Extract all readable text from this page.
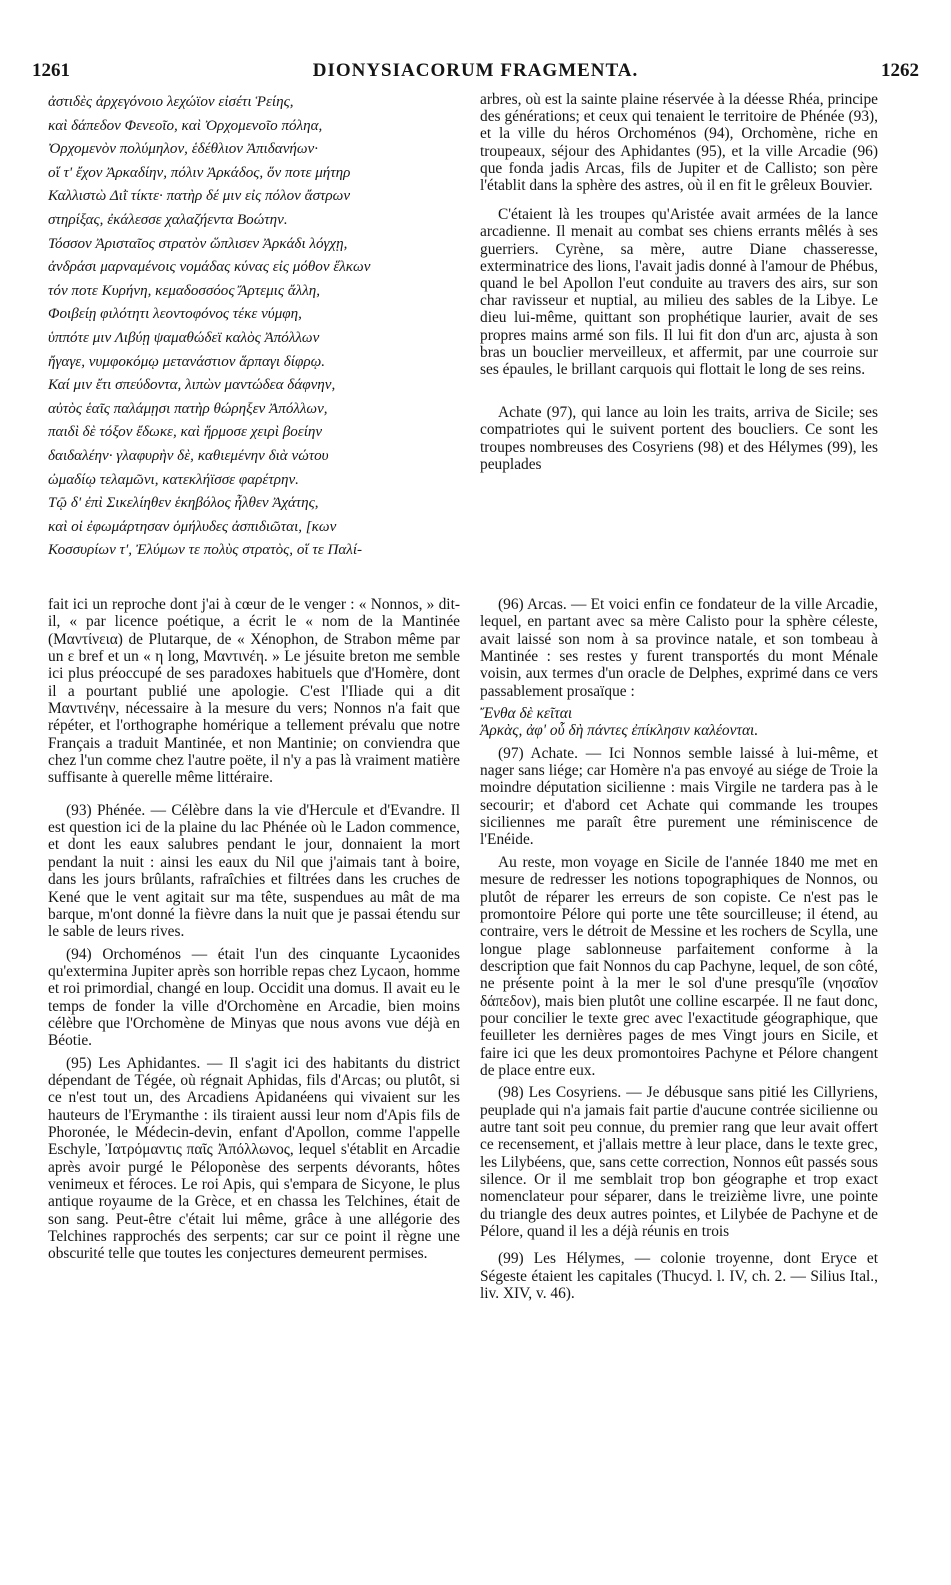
1261	DIONYSIACORUM FRAGMENTA.	1262

ἀστιδὲς ἀρχεγόνοιο λεχώϊον εἰσέτι Ῥείης,

καὶ δάπεδον Φενεοῖο, καὶ Ὀρχομενοῖο πόληα,

Ὀρχομενὸν πολύμηλον, ἑδέθλιον Ἀπιδανήων·

οἵ τ' ἔχον Ἀρκαδίην, πόλιν Ἀρκάδος, ὅν ποτε μήτηρ

Καλλιστὼ Διῒ τίκτε· πατὴρ δέ μιν εἰς πόλον ἄστρων

στηρίξας, ἐκάλεσσε χαλαζήεντα Βοώτην.

Τόσσον Ἀρισταῖος στρατὸν ὥπλισεν Ἀρκάδι λόγχῃ,

ἀνδράσι μαρναμένοις νομάδας κύνας εἰς μόθον ἕλκων

τόν ποτε Κυρήνη, κεμαδοσσόος Ἄρτεμις ἄλλη,

Φοιβείῃ φιλότητι λεοντοφόνος τέκε νύμφη,

ὑππότε μιν Λιβύῃ ψαμαθώδεϊ καλὸς Ἀπόλλων

ἤγαγε, νυμφοκόμῳ μετανάστιον ἅρπαγι δίφρῳ.

Καί μιν ἔτι σπεύδοντα, λιπὼν μαντώδεα δάφνην,

αὐτὸς ἑαῖς παλάμῃσι πατὴρ θώρηξεν Ἀπόλλων,

παιδὶ δὲ τόξον ἔδωκε, καὶ ἥρμοσε χειρὶ βοείην

δαιδαλέην· γλαφυρὴν δὲ, καθιεμένην διὰ νώτου

ὠμαδίῳ τελαμῶνι, κατεκλήϊσσε φαρέτρην.

Τῷ δ' ἐπὶ Σικελίηθεν ἑκηβόλος ἦλθεν Ἀχάτης,

καὶ οἱ ἐφωμάρτησαν ὁμήλυδες ἀσπιδιῶται, [κων

Κοσσυρίων τ', Ἐλύμων τε πολὺς στρατὸς, οἵ τε Παλί-

arbres, où est la sainte plaine réservée à la déesse Rhéa, principe des générations; et ceux qui tenaient le territoire de Phénée (93), et la ville du héros Orchoménos (94), Orchomène, riche en troupeaux, séjour des Aphidantes (95), et la ville Arcadie (96) que fonda jadis Arcas, fils de Jupiter et de Callisto; son père l'établit dans la sphère des astres, où il en fit le grêleux Bouvier.

C'étaient là les troupes qu'Aristée avait armées de la lance arcadienne. Il menait au combat ses chiens errants mêlés à ses guerriers. Cyrène, sa mère, autre Diane chasseresse, exterminatrice des lions, l'avait jadis donné à l'amour de Phébus, quand le bel Apollon l'eut conduite au travers des airs, sur son char ravisseur et nuptial, au milieu des sables de la Libye. Le dieu lui-même, quittant son prophétique laurier, avait de ses propres mains armé son fils. Il lui fit don d'un arc, ajusta à son bras un bouclier merveilleux, et affermit, par une courroie sur ses épaules, le brillant carquois qui flottait le long de ses reins.

Achate (97), qui lance au loin les traits, arriva de Sicile; ses compatriotes qui le suivent portent des boucliers. Ce sont les troupes nombreuses des Cosyriens (98) et des Hélymes (99), les peuplades

fait ici un reproche dont j'ai à cœur de le venger : « Nonnos, » dit-il, « par licence poétique, a écrit le « nom de la Mantinée (Μαντίνεια) de Plutarque, de « Xénophon, de Strabon même par un ε bref et un « η long, Μαντινέη. » Le jésuite breton me semble ici plus préoccupé de ses paradoxes habituels que d'Homère, dont il a pourtant publié une apologie. C'est l'Iliade qui a dit Μαντινέην, nécessaire à la mesure du vers; Nonnos n'a fait que répéter, et l'orthographe homérique a tellement prévalu que notre Français a traduit Mantinée, et non Mantinie; on conviendra que chez l'un comme chez l'autre poëte, il n'y a pas là vraiment matière suffisante à querelle même littéraire.

(93) Phénée. — Célèbre dans la vie d'Hercule et d'Evandre. Il est question ici de la plaine du lac Phénée où le Ladon commence, et dont les eaux salubres pendant le jour, donnaient la mort pendant la nuit : ainsi les eaux du Nil que j'aimais tant à boire, dans les jours brûlants, rafraîchies et filtrées dans les cruches de Kené que le vent agitait sur ma tête, suspendues au mât de ma barque, m'ont donné la fièvre dans la nuit que je passai étendu sur le sable de leurs rives.

(94) Orchoménos — était l'un des cinquante Lycaonides qu'extermina Jupiter après son horrible repas chez Lycaon, homme et roi primordial, changé en loup. Occidit una domus. Il avait eu le temps de fonder la ville d'Orchomène en Arcadie, bien moins célèbre que l'Orchomène de Minyas que nous avons vue déjà en Béotie.

(95) Les Aphidantes. — Il s'agit ici des habitants du district dépendant de Tégée, où régnait Aphidas, fils d'Arcas; ou plutôt, si ce n'est tout un, des Arcadiens Apidanéens qui vivaient sur les hauteurs de l'Erymanthe : ils tiraient aussi leur nom d'Apis fils de Phoronée, le Médecin-devin, enfant d'Apollon, comme l'appelle Eschyle, Ἰατρόμαντις παῖς Ἀπόλλωνος, lequel s'établit en Arcadie après avoir purgé le Péloponèse des serpents dévorants, hôtes venimeux et féroces. Le roi Apis, qui s'empara de Sicyone, le plus antique royaume de la Grèce, et en chassa les Telchines, était de son sang. Peut-être c'était lui même, grâce à une allégorie des Telchines rapprochés des serpents; car sur ce point il règne une obscurité telle que toutes les conjectures demeurent permises.

(96) Arcas. — Et voici enfin ce fondateur de la ville Arcadie, lequel, en partant avec sa mère Calisto pour la sphère céleste, avait laissé son nom à sa province natale, et son tombeau à Mantinée : ses restes y furent transportés du mont Ménale voisin, aux termes d'un oracle de Delphes, exprimé dans ce vers passablement prosaïque :

Ἔνθα δὲ κεῖται

Ἀρκὰς, ἀφ' οὗ δὴ πάντες ἐπίκλησιν καλέονται.

(97) Achate. — Ici Nonnos semble laissé à lui-même, et nager sans liége; car Homère n'a pas envoyé au siége de Troie la moindre députation sicilienne : mais Virgile ne tardera pas à le secourir; et d'abord cet Achate qui commande les troupes siciliennes me paraît être purement une réminiscence de l'Enéide.

Au reste, mon voyage en Sicile de l'année 1840 me met en mesure de redresser les notions topographiques de Nonnos, ou plutôt de réparer les erreurs de son copiste. Ce n'est pas le promontoire Pélore qui porte une tête sourcilleuse; il étend, au contraire, vers le détroit de Messine et les rochers de Scylla, une longue plage sablonneuse parfaitement conforme à la description que fait Nonnos du cap Pachyne, lequel, de son côté, ne présente point à la mer le sol d'une presqu'île (νησαῖον δάπεδον), mais bien plutôt une colline escarpée. Il ne faut donc, pour concilier le texte grec avec l'exactitude géographique, que feuilleter les dernières pages de mes Vingt jours en Sicile, et faire ici que les deux promontoires Pachyne et Pélore changent de place entre eux.

(98) Les Cosyriens. — Je débusque sans pitié les Cillyriens, peuplade qui n'a jamais fait partie d'aucune contrée sicilienne ou autre tant soit peu connue, du premier rang que leur avait offert ce recensement, et j'allais mettre à leur place, dans le texte grec, les Lilybéens, que, sans cette correction, Nonnos eût passés sous silence. Or il me semblait trop bon géographe et trop exact nomenclateur pour séparer, dans le treizième livre, une pointe du triangle des deux autres pointes, et Lilybée de Pachyne et de Pélore, quand il les a déjà réunis en trois

(99) Les Hélymes, — colonie troyenne, dont Eryce et Ségeste étaient les capitales (Thucyd. l. IV, ch. 2. — Silius Ital., liv. XIV, v. 46).
